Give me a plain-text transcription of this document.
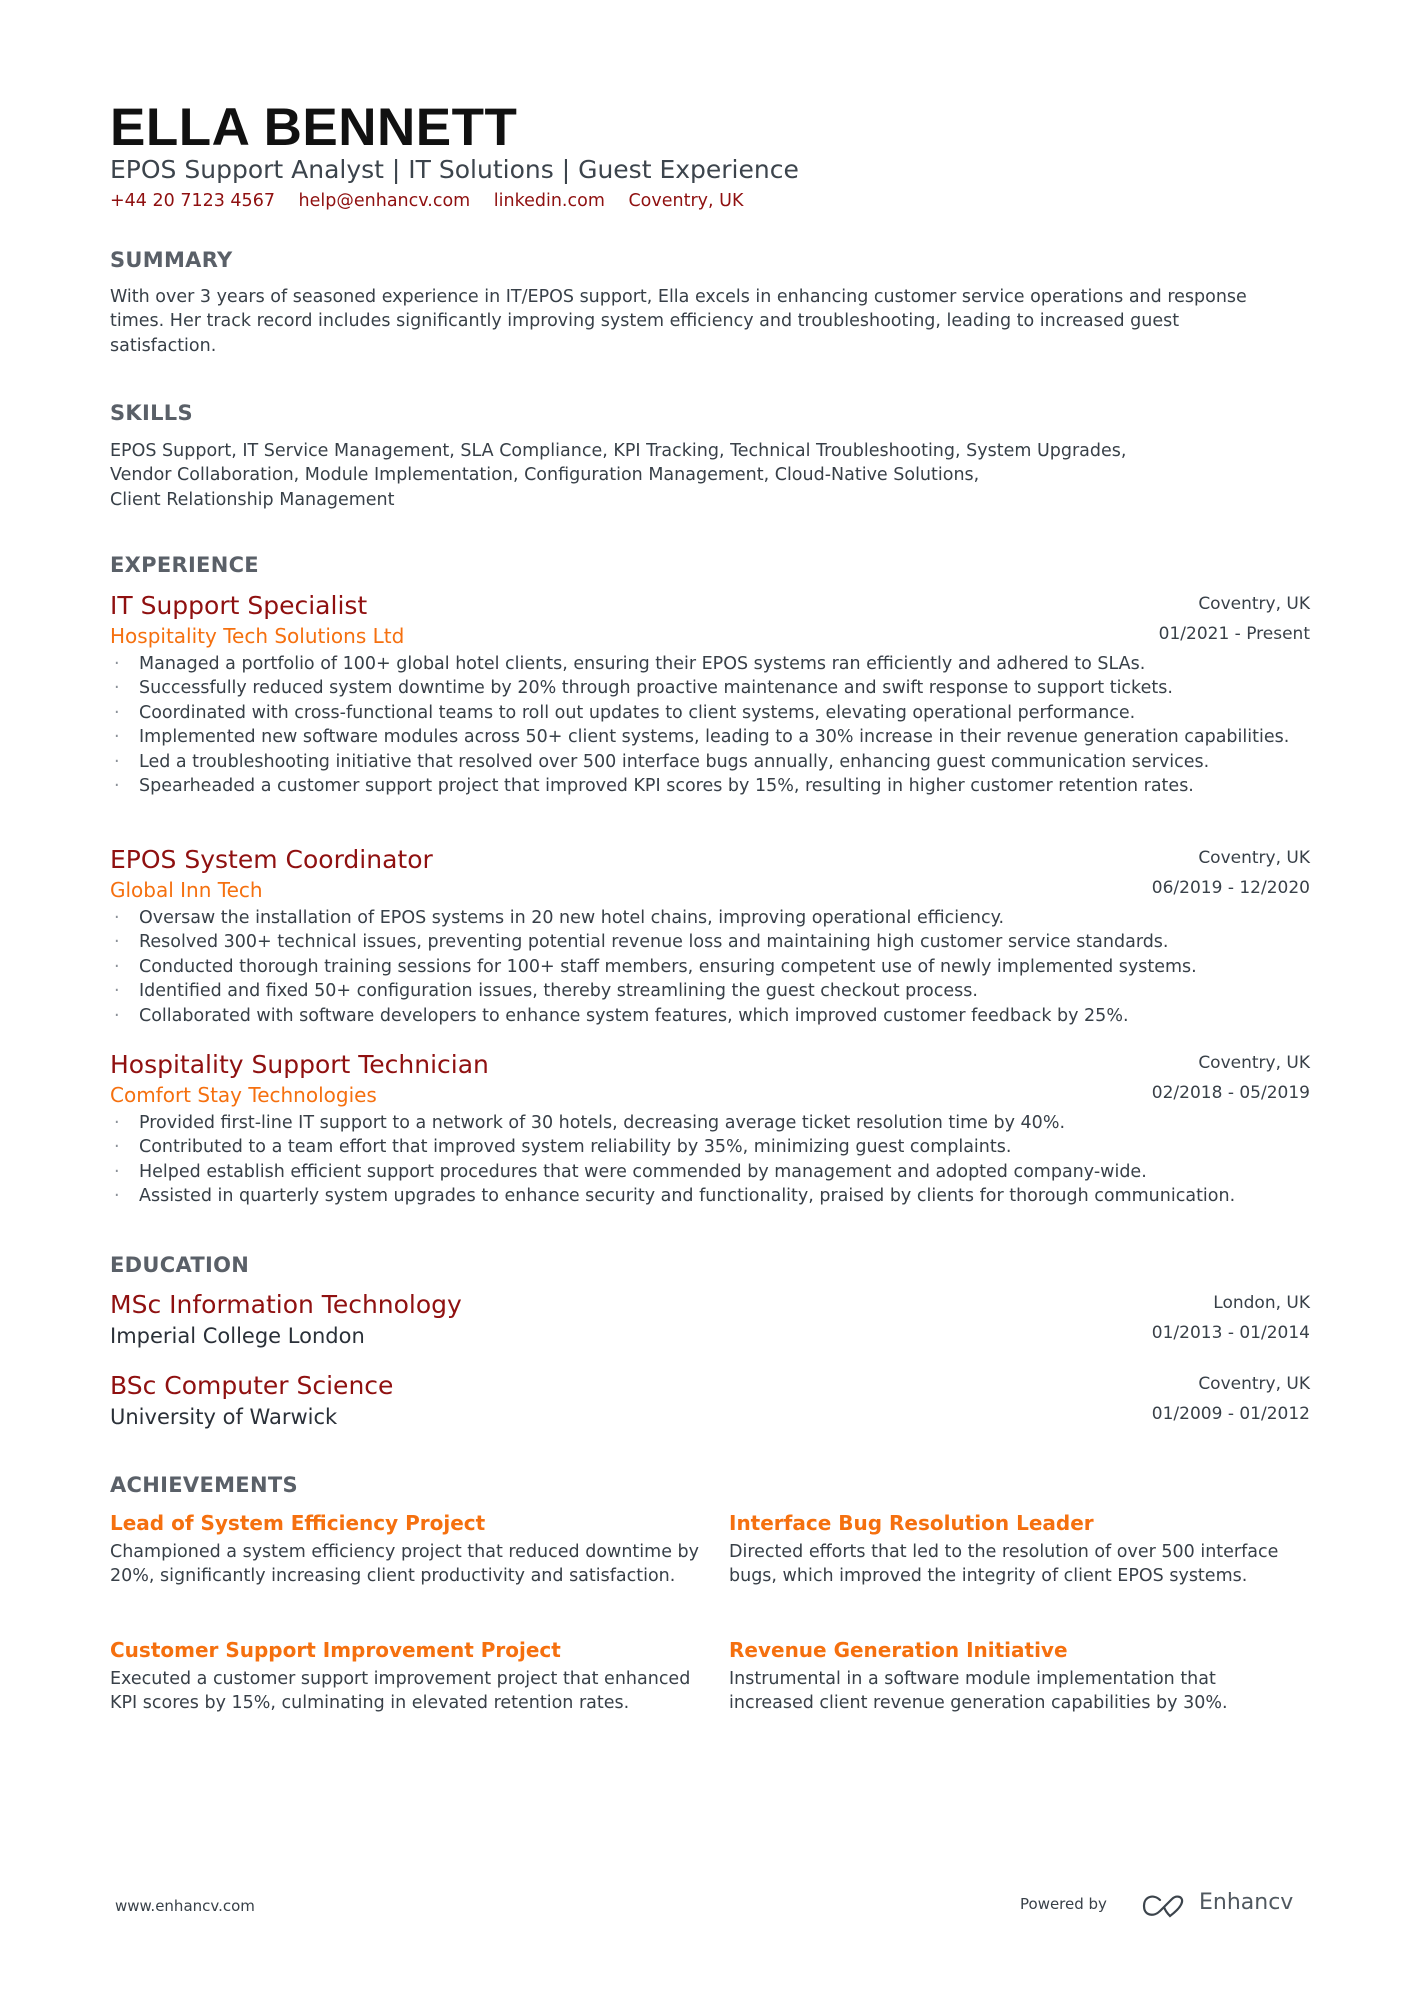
ELLA BENNETT
EPOS Support Analyst | IT Solutions | Guest Experience
+44 20 7123 4567 help@enhancv.com linkedin.com Coventry, UK
SUMMARY
With over 3 years of seasoned experience in IT/EPOS support, Ella excels in enhancing customer service operations and response times. Her track record includes significantly improving system efficiency and troubleshooting, leading to increased guest satisfaction.
SKILLS
EPOS Support, IT Service Management, SLA Compliance, KPI Tracking, Technical Troubleshooting, System Upgrades,
Vendor Collaboration, Module Implementation, Configuration Management, Cloud-Native Solutions,
Client Relationship Management
EXPERIENCE
IT Support Specialist
Hospitality Tech Solutions Ltd
Coventry, UK
01/2021 - Present
· Managed a portfolio of 100+ global hotel clients, ensuring their EPOS systems ran efficiently and adhered to SLAs.
· Successfully reduced system downtime by 20% through proactive maintenance and swift response to support tickets.
· Coordinated with cross-functional teams to roll out updates to client systems, elevating operational performance.
· Implemented new software modules across 50+ client systems, leading to a 30% increase in their revenue generation capabilities.
· Led a troubleshooting initiative that resolved over 500 interface bugs annually, enhancing guest communication services.
· Spearheaded a customer support project that improved KPI scores by 15%, resulting in higher customer retention rates.
EPOS System Coordinator
Global Inn Tech
Coventry, UK
06/2019 - 12/2020
· Oversaw the installation of EPOS systems in 20 new hotel chains, improving operational efficiency.
· Resolved 300+ technical issues, preventing potential revenue loss and maintaining high customer service standards.
· Conducted thorough training sessions for 100+ staff members, ensuring competent use of newly implemented systems.
· Identified and fixed 50+ configuration issues, thereby streamlining the guest checkout process.
· Collaborated with software developers to enhance system features, which improved customer feedback by 25%.
Hospitality Support Technician
Comfort Stay Technologies
Coventry, UK
02/2018 - 05/2019
· Provided first-line IT support to a network of 30 hotels, decreasing average ticket resolution time by 40%.
· Contributed to a team effort that improved system reliability by 35%, minimizing guest complaints.
· Helped establish efficient support procedures that were commended by management and adopted company-wide.
· Assisted in quarterly system upgrades to enhance security and functionality, praised by clients for thorough communication.
EDUCATION
MSc Information Technology
Imperial College London
London, UK
01/2013 - 01/2014
BSc Computer Science
University of Warwick
Coventry, UK
01/2009 - 01/2012
ACHIEVEMENTS
Lead of System Efficiency Project
Championed a system efficiency project that reduced downtime by 20%, significantly increasing client productivity and satisfaction.
Interface Bug Resolution Leader
Directed efforts that led to the resolution of over 500 interface bugs, which improved the integrity of client EPOS systems.
Customer Support Improvement Project
Executed a customer support improvement project that enhanced KPI scores by 15%, culminating in elevated retention rates.
Revenue Generation Initiative
Instrumental in a software module implementation that increased client revenue generation capabilities by 30%.
www.enhancv.com	Powered by	Enhancv
